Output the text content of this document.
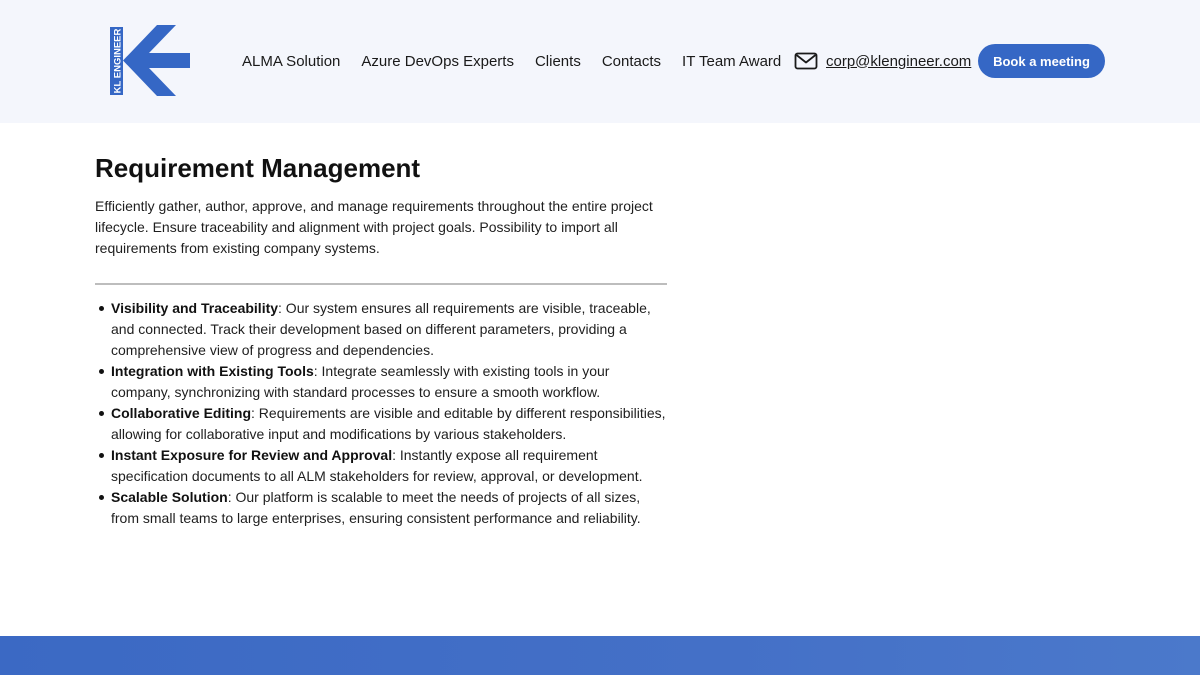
KL ENGINEER	ALMA Solution Azure DevOps Experts Clients Contacts IT Team Award	corp@klengineer.com	Book a meeting
Requirement Management

Efficiently gather, author, approve, and manage requirements throughout the entire project lifecycle. Ensure traceability and alignment with project goals. Possibility to import all requirements from existing company systems.

Visibility and Traceability: Our system ensures all requirements are visible, traceable, and connected. Track their development based on different parameters, providing a comprehensive view of progress and dependencies.
Integration with Existing Tools: Integrate seamlessly with existing tools in your company, synchronizing with standard processes to ensure a smooth workflow.
Collaborative Editing: Requirements are visible and editable by different responsibilities, allowing for collaborative input and modifications by various stakeholders.
Instant Exposure for Review and Approval: Instantly expose all requirement specification documents to all ALM stakeholders for review, approval, or development.
Scalable Solution: Our platform is scalable to meet the needs of projects of all sizes, from small teams to large enterprises, ensuring consistent performance and reliability.
